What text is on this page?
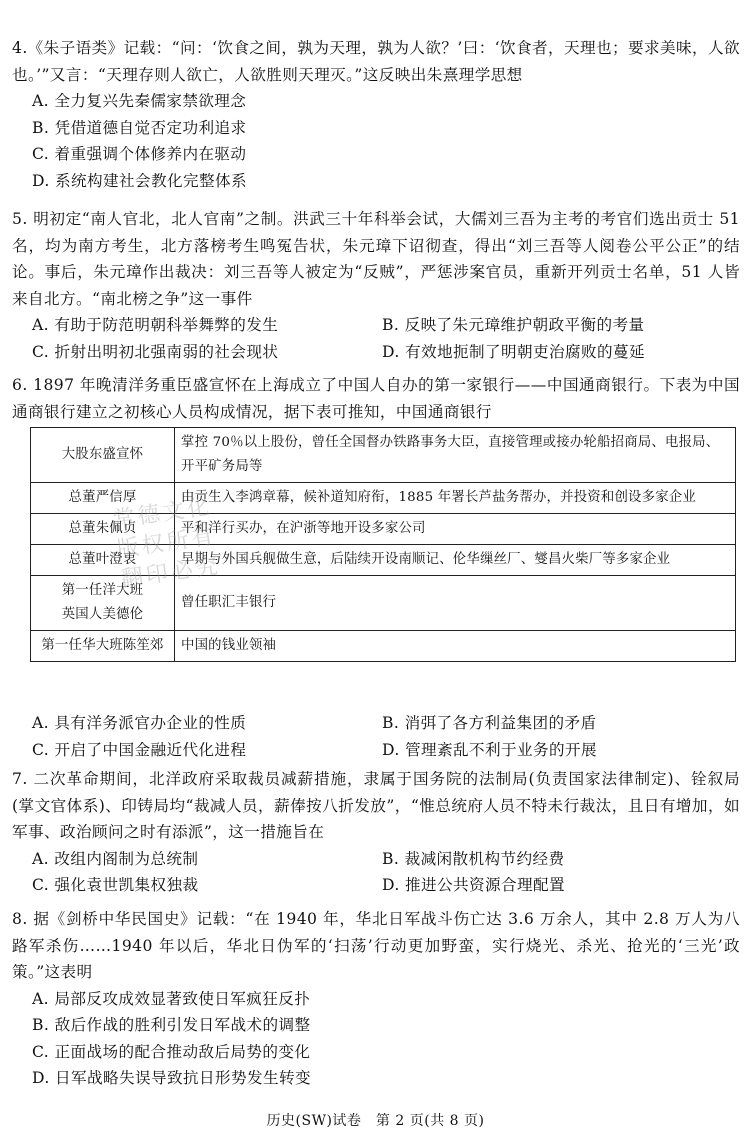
4.《朱子语类》记载：“问：‘饮食之间，孰为天理，孰为人欲？’曰：‘饮食者，天理也；要求美味，人欲也。’”又言：“天理存则人欲亡，人欲胜则天理灭。”这反映出朱熹理学思想

A. 全力复兴先秦儒家禁欲理念
B. 凭借道德自觉否定功利追求
C. 着重强调个体修养内在驱动
D. 系统构建社会教化完整体系

5. 明初定“南人官北，北人官南”之制。洪武三十年科举会试，大儒刘三吾为主考的考官们选出贡士 51 名，均为南方考生，北方落榜考生鸣冤告状，朱元璋下诏彻查，得出“刘三吾等人阅卷公平公正”的结论。事后，朱元璋作出裁决：刘三吾等人被定为“反贼”，严惩涉案官员，重新开列贡士名单，51 人皆来自北方。“南北榜之争”这一事件

A. 有助于防范明朝科举舞弊的发生	B. 反映了朱元璋维护朝政平衡的考量
C. 折射出明初北强南弱的社会现状	D. 有效地扼制了明朝吏治腐败的蔓延

6. 1897 年晚清洋务重臣盛宣怀在上海成立了中国人自办的第一家银行——中国通商银行。下表为中国通商银行建立之初核心人员构成情况，据下表可推知，中国通商银行

大股东盛宣怀	掌控 70％以上股份，曾任全国督办铁路事务大臣，直接管理或接办轮船招商局、电报局、开平矿务局等
总董严信厚	由贡生入李鸿章幕，候补道知府衔，1885 年署长芦盐务帮办，并投资和创设多家企业
总董朱佩贞	平和洋行买办，在沪浙等地开设多家公司
总董叶澄衷	早期与外国兵舰做生意，后陆续开设南顺记、伦华缫丝厂、燮昌火柴厂等多家企业
第一任洋大班
英国人美德伦	曾任职汇丰银行
第一任华大班陈笙郊	中国的钱业领袖
常德文化
版权所有
翻印必究
A. 具有洋务派官办企业的性质	B. 消弭了各方利益集团的矛盾
C. 开启了中国金融近代化进程	D. 管理紊乱不利于业务的开展

7. 二次革命期间，北洋政府采取裁员减薪措施，隶属于国务院的法制局(负责国家法律制定)、铨叙局(掌文官体系)、印铸局均“裁减人员，薪俸按八折发放”，“惟总统府人员不特未行裁汰，且日有增加，如军事、政治顾问之时有添派”，这一措施旨在

A. 改组内阁制为总统制	B. 裁减闲散机构节约经费
C. 强化袁世凯集权独裁	D. 推进公共资源合理配置

8. 据《剑桥中华民国史》记载：“在 1940 年，华北日军战斗伤亡达 3.6 万余人，其中 2.8 万人为八路军杀伤……1940 年以后，华北日伪军的‘扫荡’行动更加野蛮，实行烧光、杀光、抢光的‘三光’政策。”这表明

A. 局部反攻成效显著致使日军疯狂反扑
B. 敌后作战的胜利引发日军战术的调整
C. 正面战场的配合推动敌后局势的变化
D. 日军战略失误导致抗日形势发生转变
历史(SW)试卷　第 2 页(共 8 页)
